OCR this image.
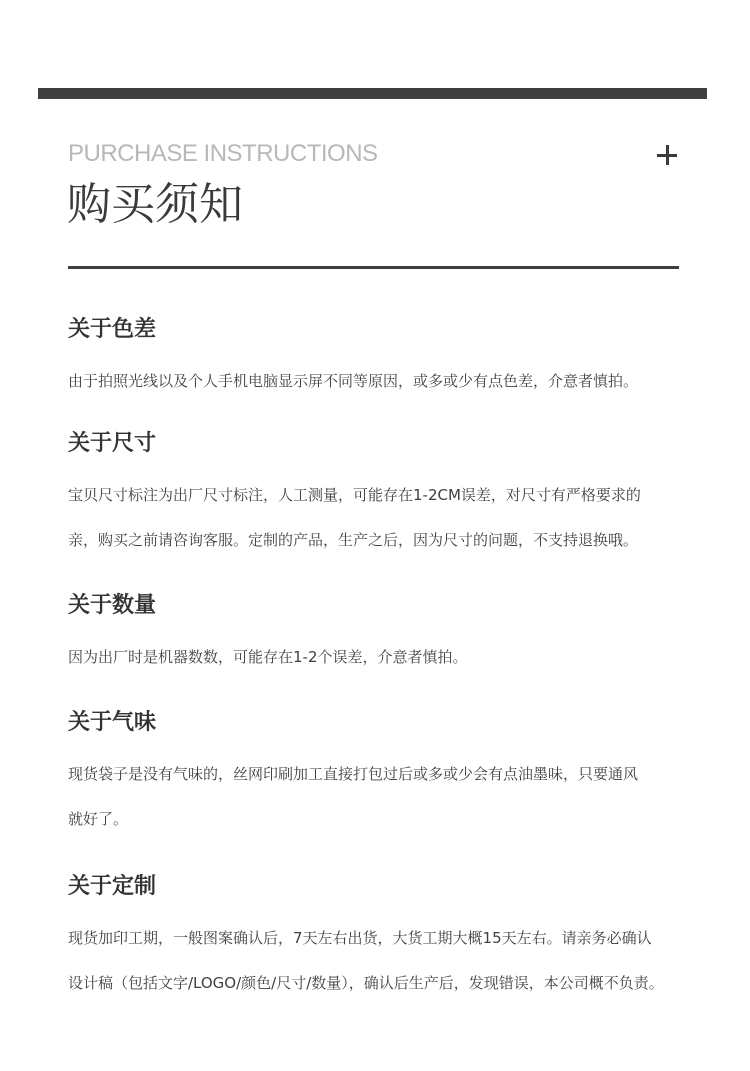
PURCHASE INSTRUCTIONS
购买须知
关于色差

由于拍照光线以及个人手机电脑显示屏不同等原因，或多或少有点色差，介意者慎拍。

关于尺寸

宝贝尺寸标注为出厂尺寸标注，人工测量，可能存在1-2CM误差，对尺寸有严格要求的
亲，购买之前请咨询客服。定制的产品，生产之后，因为尺寸的问题，不支持退换哦。

关于数量

因为出厂时是机器数数，可能存在1-2个误差，介意者慎拍。

关于气味

现货袋子是没有气味的，丝网印刷加工直接打包过后或多或少会有点油墨味，只要通风
就好了。

关于定制

现货加印工期，一般图案确认后，7天左右出货，大货工期大概15天左右。请亲务必确认
设计稿（包括文字/LOGO/颜色/尺寸/数量），确认后生产后，发现错误，本公司概不负责。
